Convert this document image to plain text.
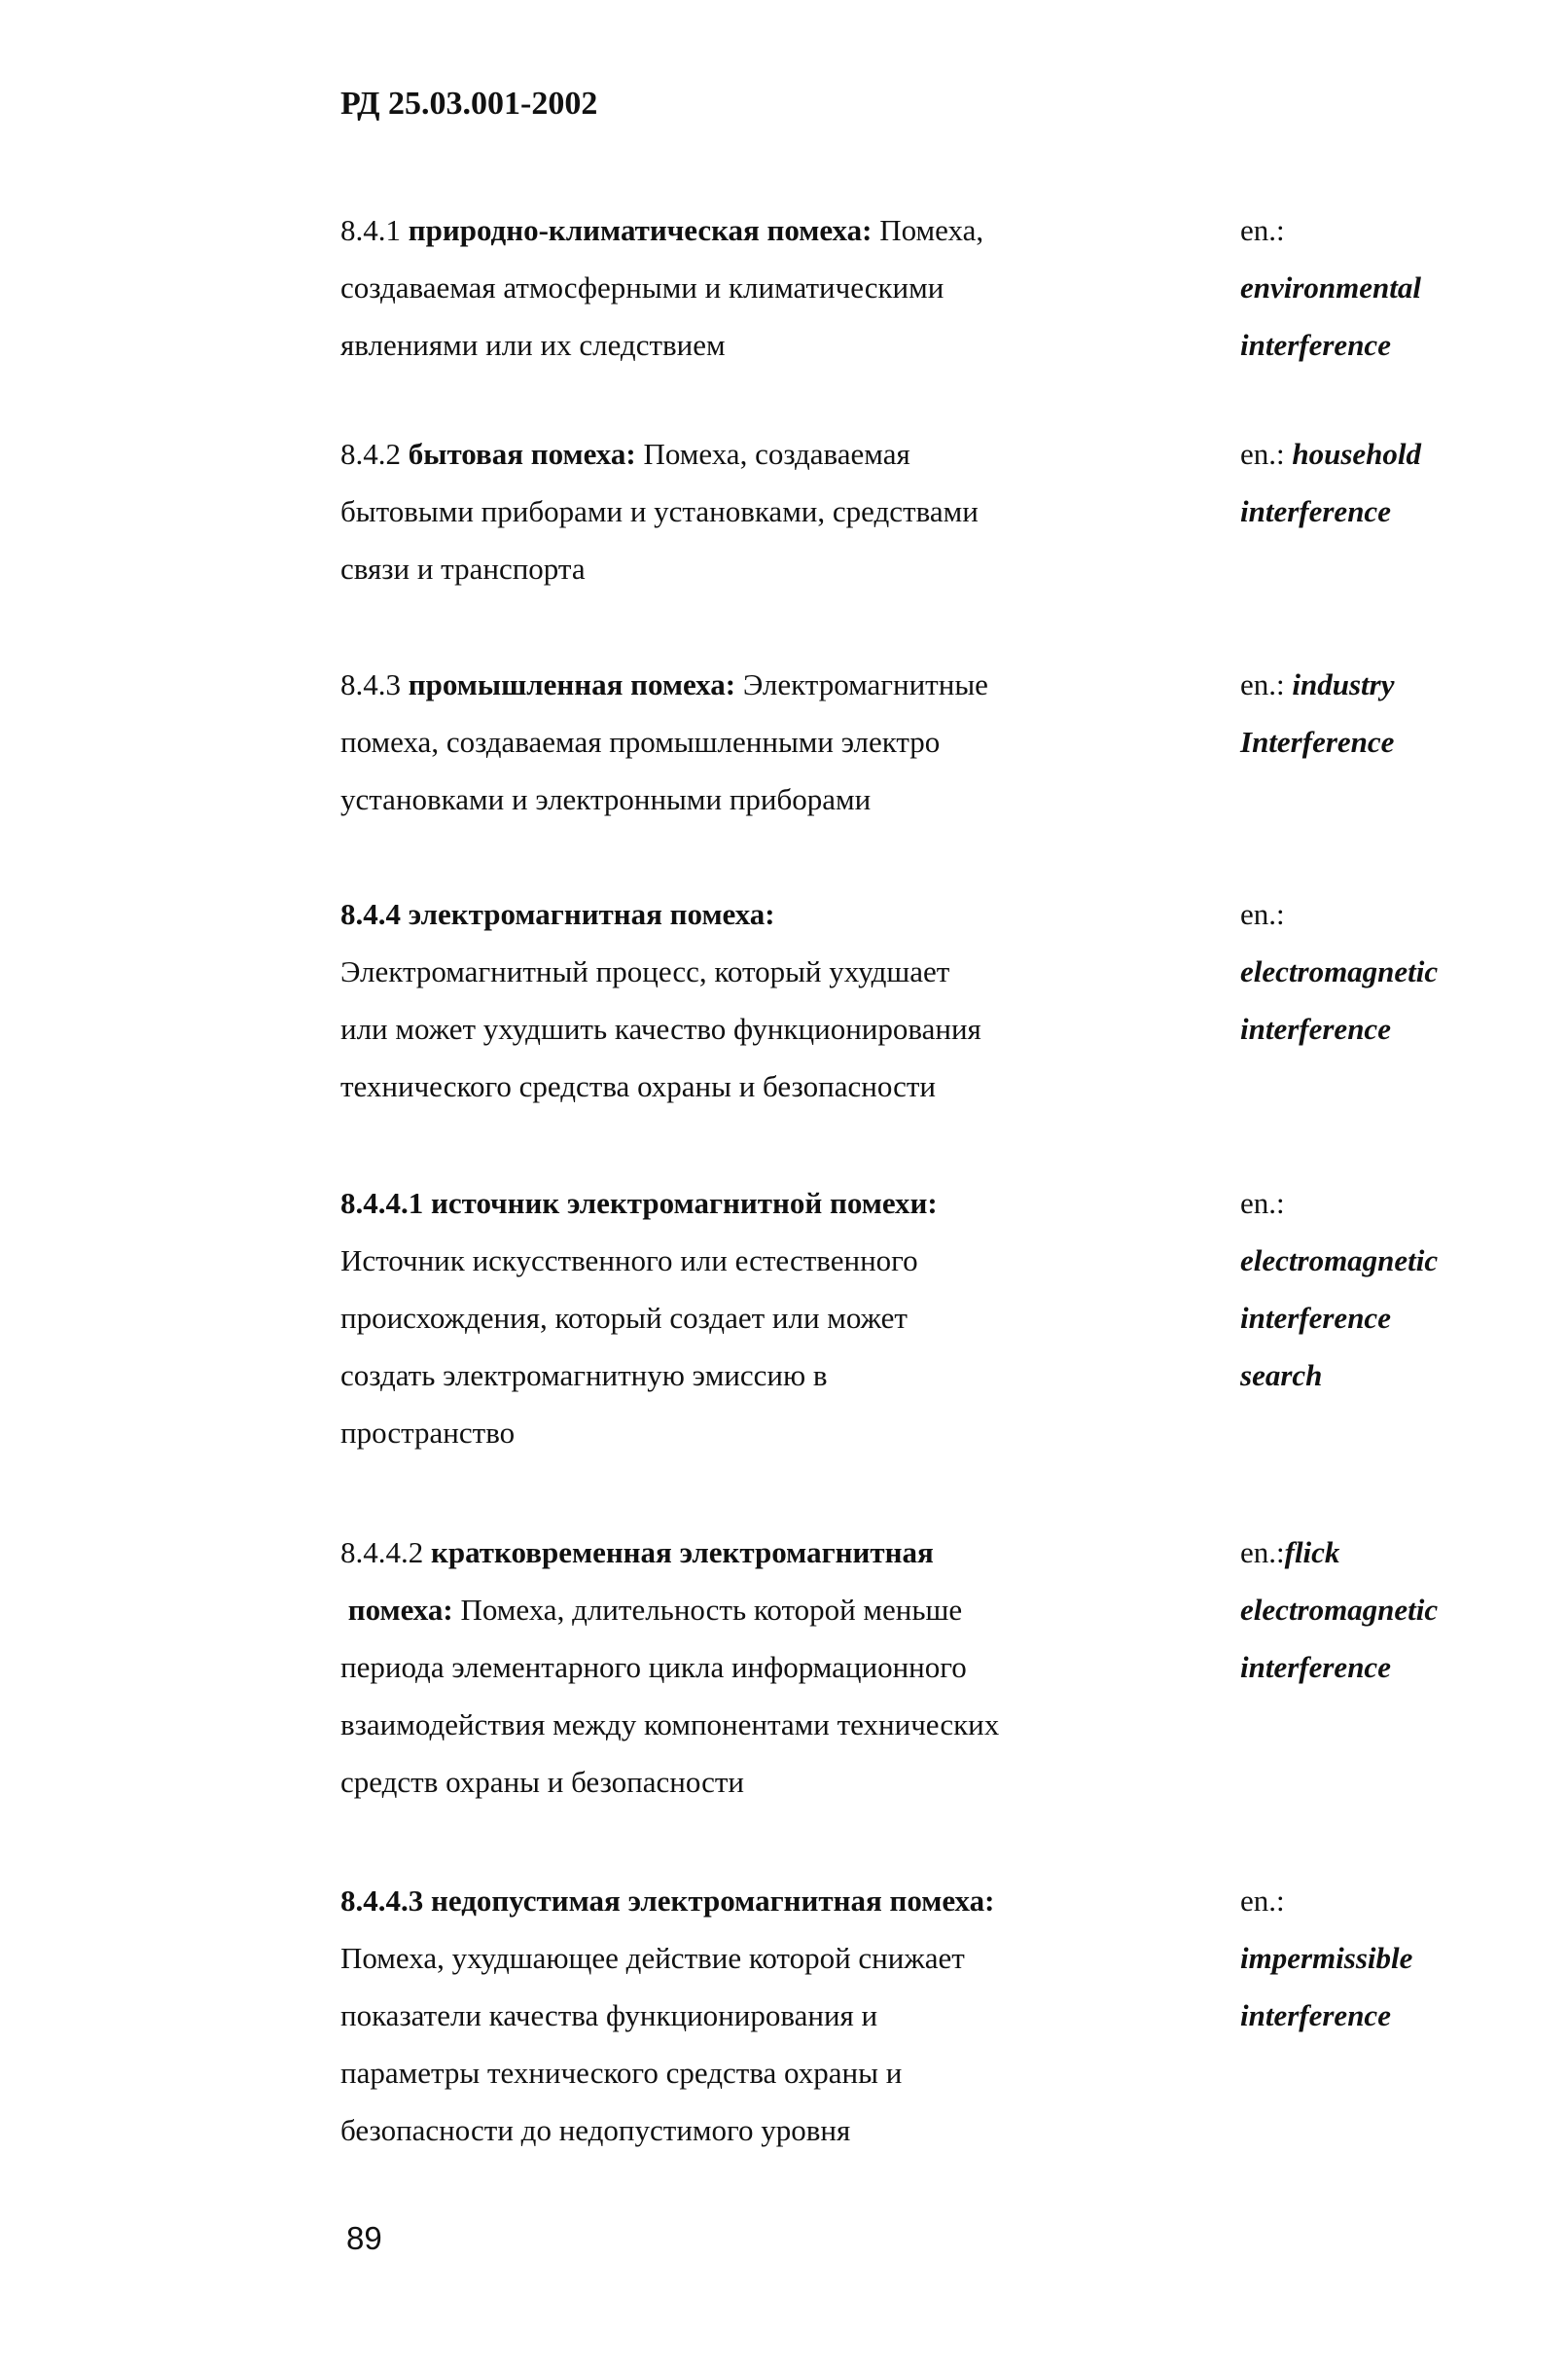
РД 25.03.001-2002
8.4.1 природно-климатическая помеха: Помеха,
создаваемая атмосферными и климатическими
явлениями или их следствием
en.:
environmental
interference
8.4.2 бытовая помеха: Помеха, создаваемая
бытовыми приборами и установками, средствами
связи и транспорта
en.: household
interference
8.4.3 промышленная помеха: Электромагнитные
помеха, создаваемая промышленными электро
установками и электронными приборами
en.: industry
Interference
8.4.4 электромагнитная помеха:
Электромагнитный процесс, который ухудшает
или может ухудшить качество функционирования
технического средства охраны и безопасности
en.:
electromagnetic
interference
8.4.4.1 источник электромагнитной помехи:
Источник искусственного или естественного
происхождения, который создает или может
создать электромагнитную эмиссию в
пространство
en.:
electromagnetic
interference
search
8.4.4.2 кратковременная электромагнитная
помеха: Помеха, длительность которой меньше
периода элементарного цикла информационного
взаимодействия между компонентами технических
средств охраны и безопасности
en.:flick
electromagnetic
interference
8.4.4.3 недопустимая электромагнитная помеха:
Помеха, ухудшающее действие которой снижает
показатели качества функционирования и
параметры технического средства охраны и
безопасности до недопустимого уровня
en.:
impermissible
interference
89
